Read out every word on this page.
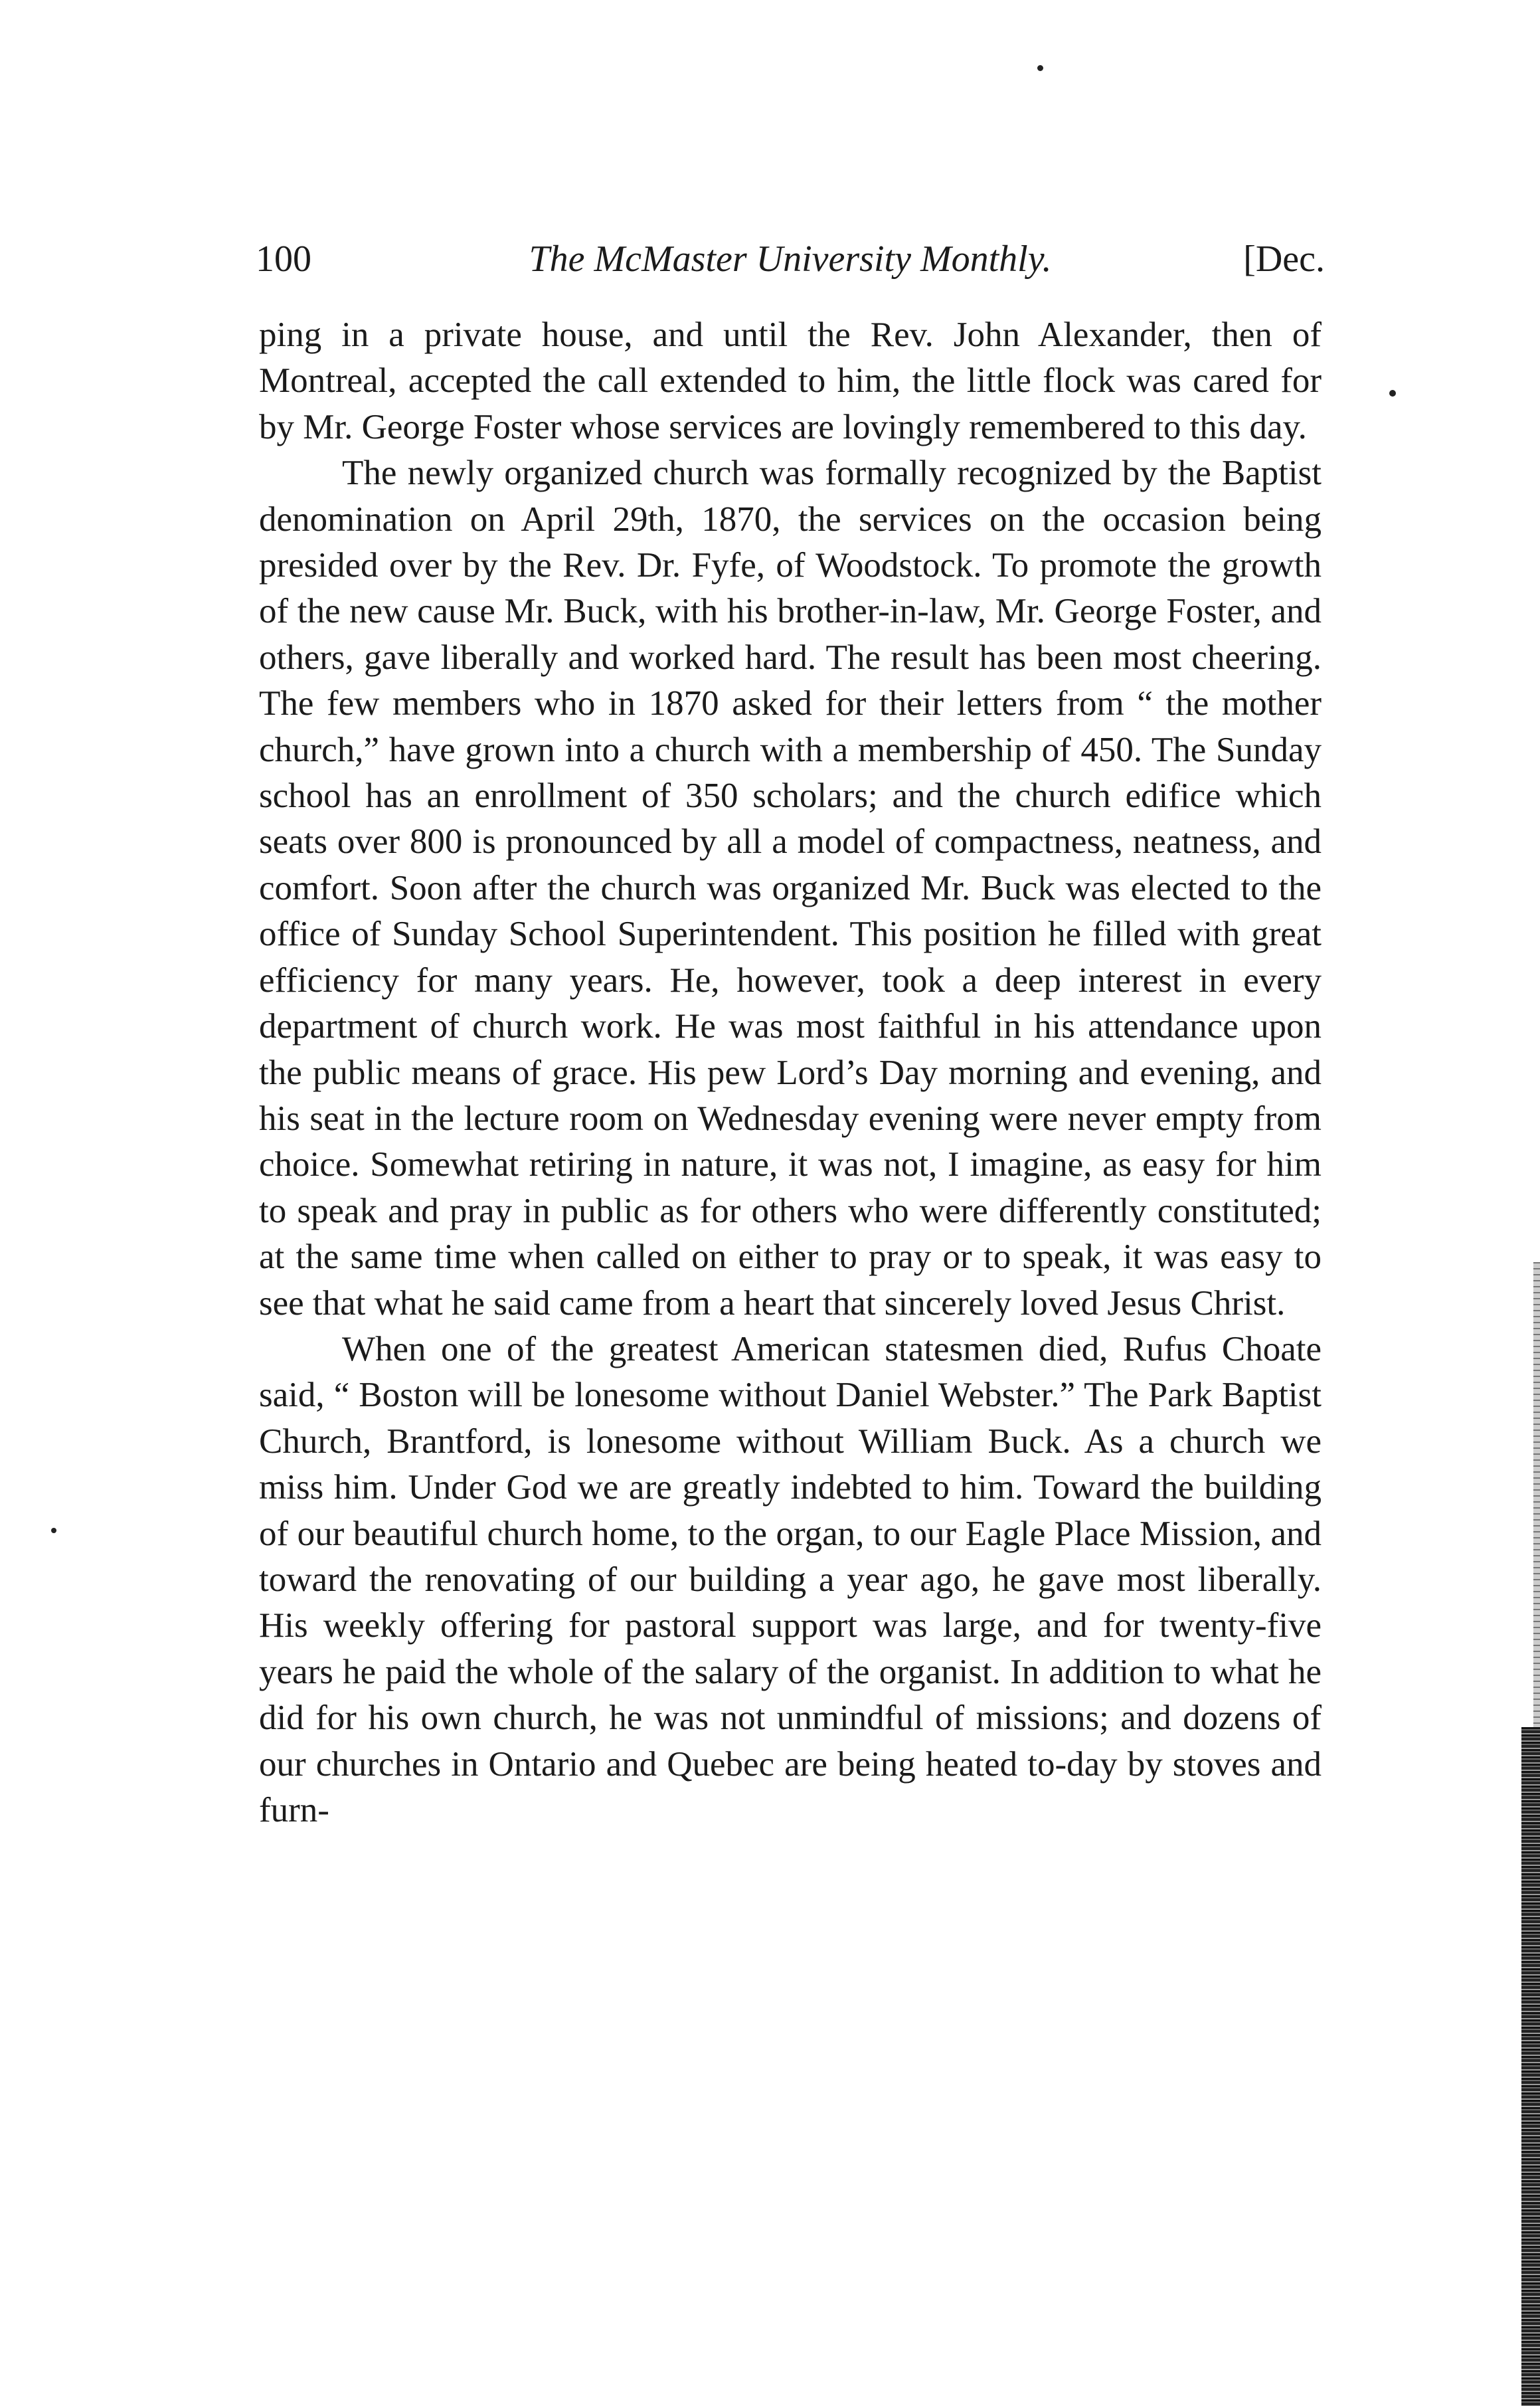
100	The McMaster University Monthly.	[Dec.

ping in a private house, and until the Rev. John Alexander, then of Montreal, accepted the call extended to him, the little flock was cared for by Mr. George Foster whose services are lovingly remembered to this day.

The newly organized church was formally recognized by the Baptist denomination on April 29th, 1870, the services on the occasion being presided over by the Rev. Dr. Fyfe, of Woodstock. To promote the growth of the new cause Mr. Buck, with his brother-in-law, Mr. George Foster, and others, gave liberally and worked hard. The result has been most cheering. The few members who in 1870 asked for their letters from “ the mother church,” have grown into a church with a membership of 450. The Sunday school has an enrollment of 350 scholars; and the church edifice which seats over 800 is pronounced by all a model of compactness, neatness, and comfort. Soon after the church was organized Mr. Buck was elected to the office of Sunday School Superintendent. This position he filled with great efficiency for many years. He, however, took a deep interest in every department of church work. He was most faithful in his attendance upon the public means of grace. His pew Lord’s Day morning and evening, and his seat in the lecture room on Wednesday evening were never empty from choice. Somewhat retiring in nature, it was not, I imagine, as easy for him to speak and pray in public as for others who were differently constituted; at the same time when called on either to pray or to speak, it was easy to see that what he said came from a heart that sincerely loved Jesus Christ.

When one of the greatest American statesmen died, Rufus Choate said, “ Boston will be lonesome without Daniel Webster.” The Park Baptist Church, Brantford, is lonesome without William Buck. As a church we miss him. Under God we are greatly indebted to him. Toward the building of our beautiful church home, to the organ, to our Eagle Place Mission, and toward the renovating of our building a year ago, he gave most liberally. His weekly offering for pastoral support was large, and for twenty-five years he paid the whole of the salary of the organist. In addition to what he did for his own church, he was not unmindful of missions; and dozens of our churches in Ontario and Quebec are being heated to-day by stoves and furn-
